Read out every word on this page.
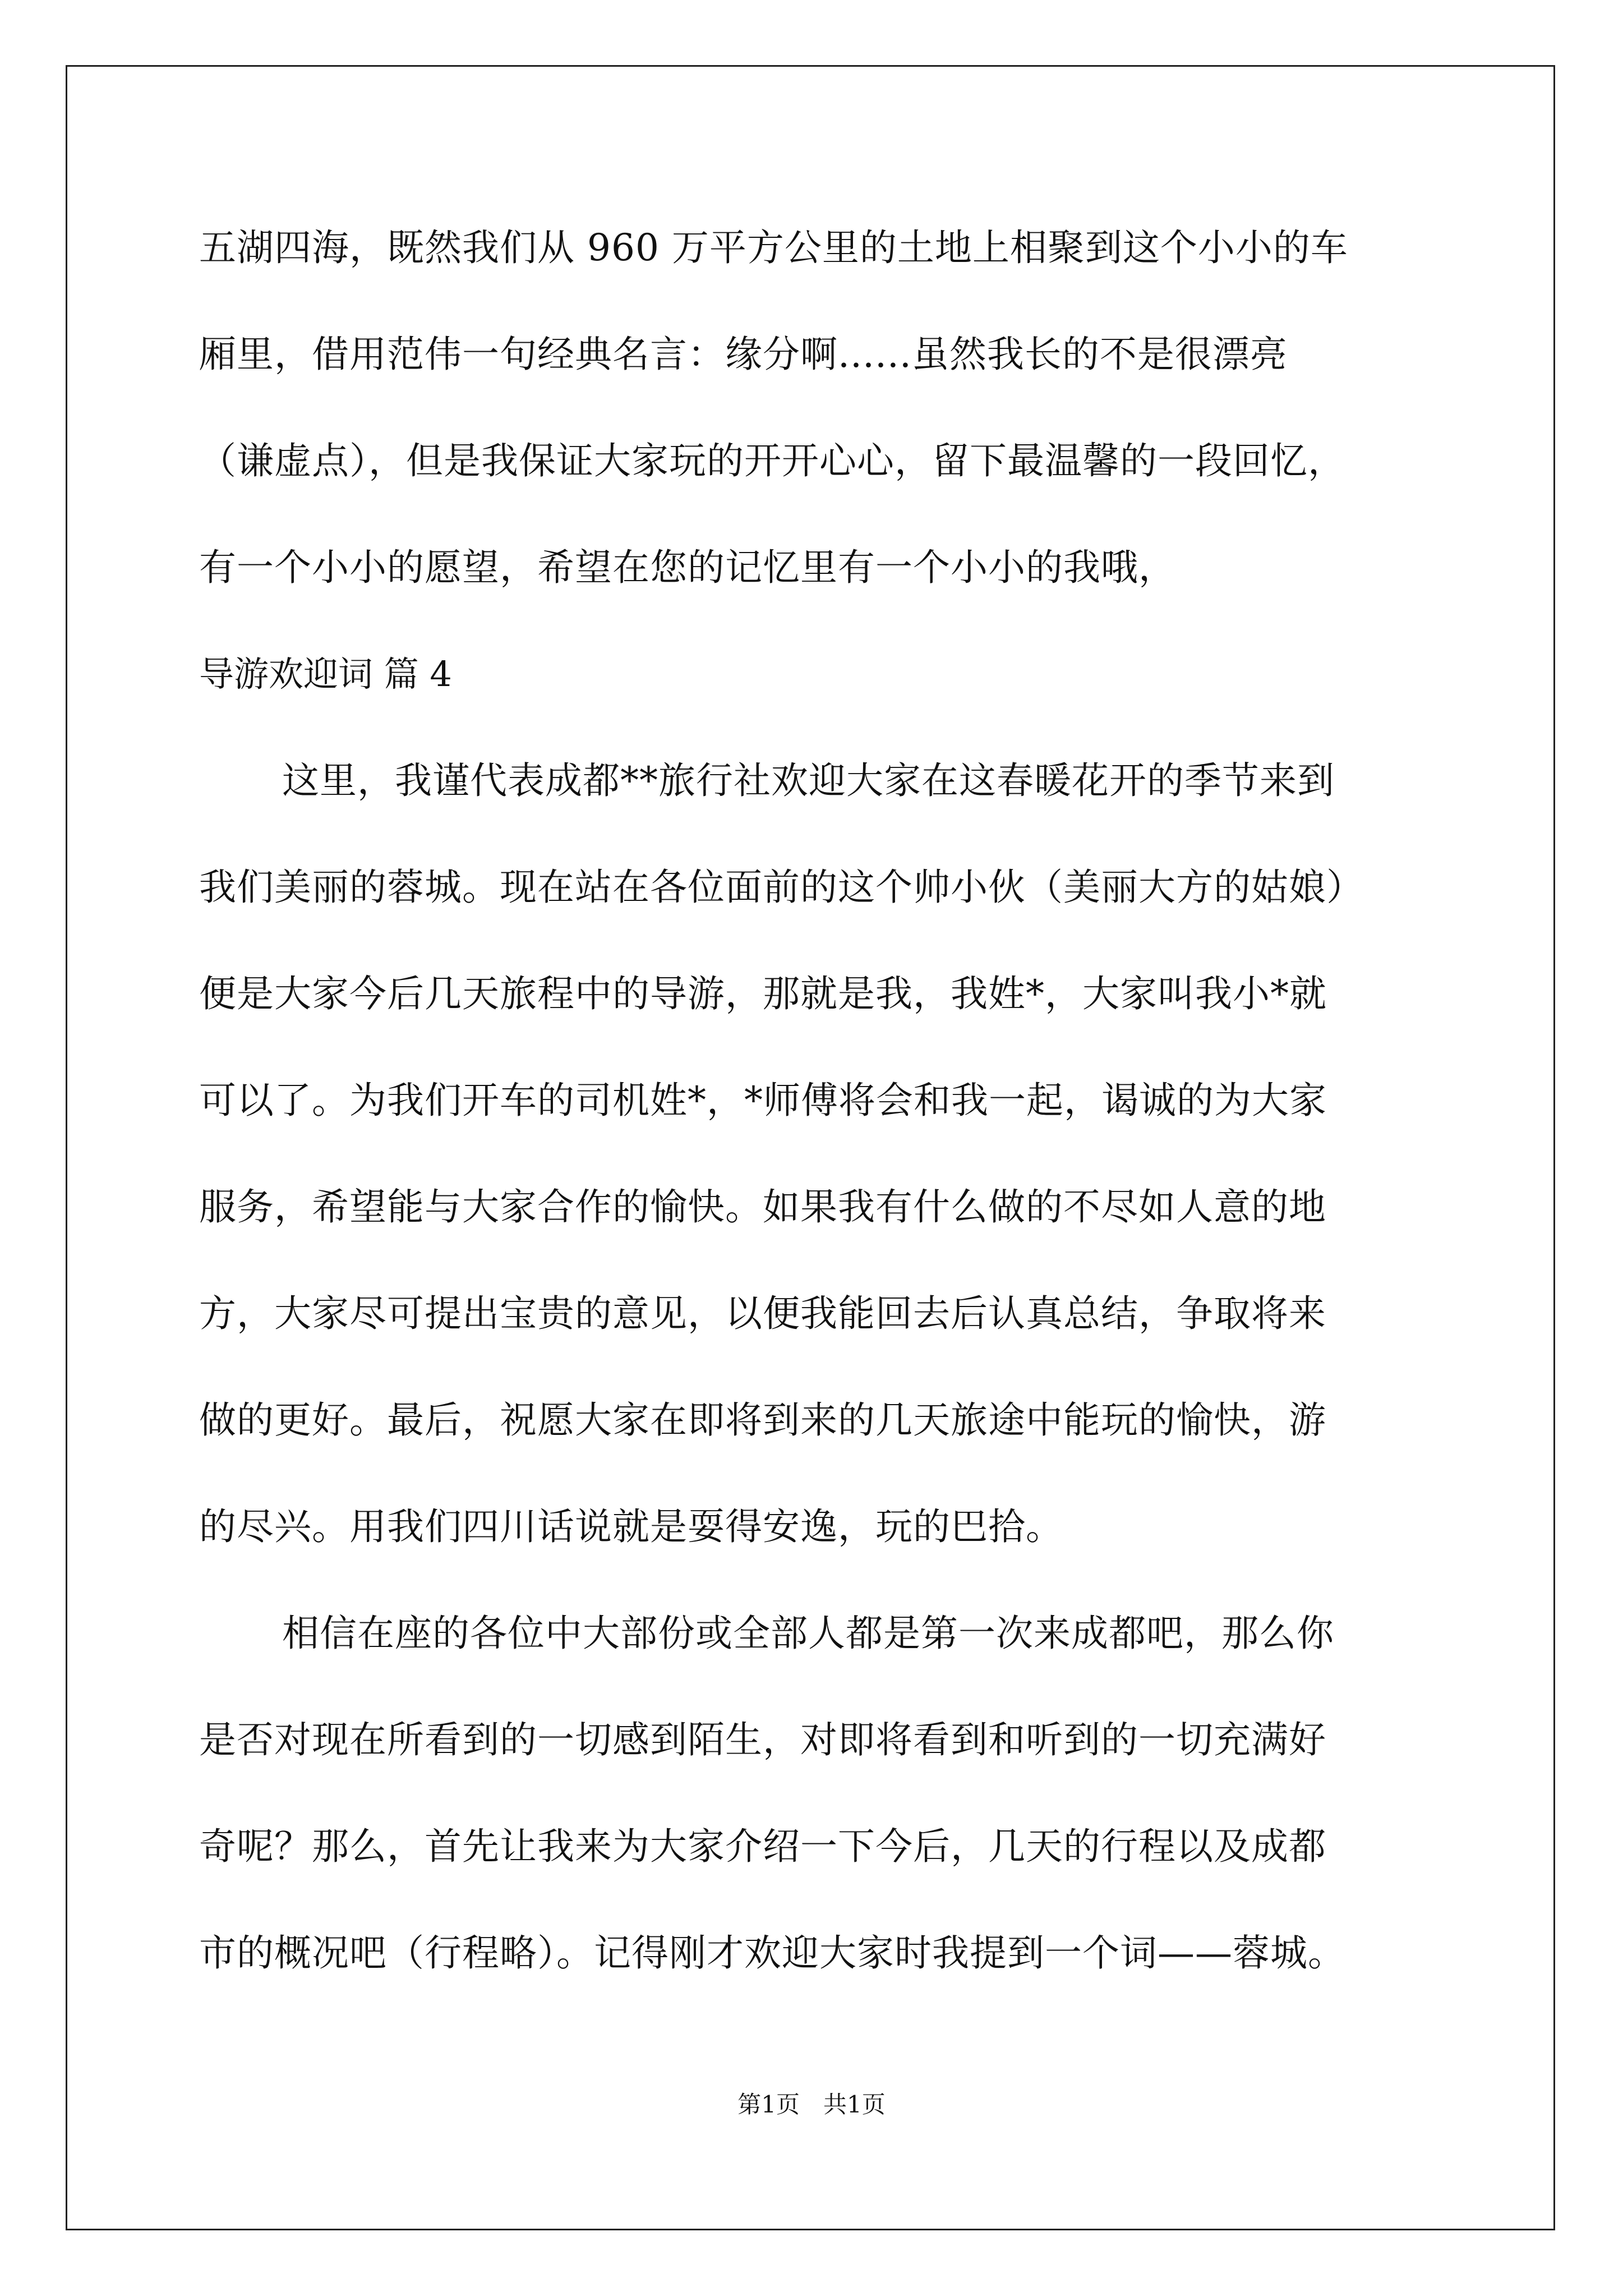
五湖四海，既然我们从 960 万平方公里的土地上相聚到这个小小的车
厢里，借用范伟一句经典名言：缘分啊......虽然我长的不是很漂亮
（谦虚点），但是我保证大家玩的开开心心，留下最温馨的一段回忆，
有一个小小的愿望，希望在您的记忆里有一个小小的我哦，
导游欢迎词 篇 4
这里，我谨代表成都**旅行社欢迎大家在这春暖花开的季节来到
我们美丽的蓉城。现在站在各位面前的这个帅小伙（美丽大方的姑娘）
便是大家今后几天旅程中的导游，那就是我，我姓*，大家叫我小*就
可以了。为我们开车的司机姓*，*师傅将会和我一起，谒诚的为大家
服务，希望能与大家合作的愉快。如果我有什么做的不尽如人意的地
方，大家尽可提出宝贵的意见，以便我能回去后认真总结，争取将来
做的更好。最后，祝愿大家在即将到来的几天旅途中能玩的愉快，游
的尽兴。用我们四川话说就是耍得安逸，玩的巴拾。
相信在座的各位中大部份或全部人都是第一次来成都吧，那么你
是否对现在所看到的一切感到陌生，对即将看到和听到的一切充满好
奇呢？那么，首先让我来为大家介绍一下今后，几天的行程以及成都
市的概况吧（行程略）。记得刚才欢迎大家时我提到一个词——蓉城。
第1页　共1页
